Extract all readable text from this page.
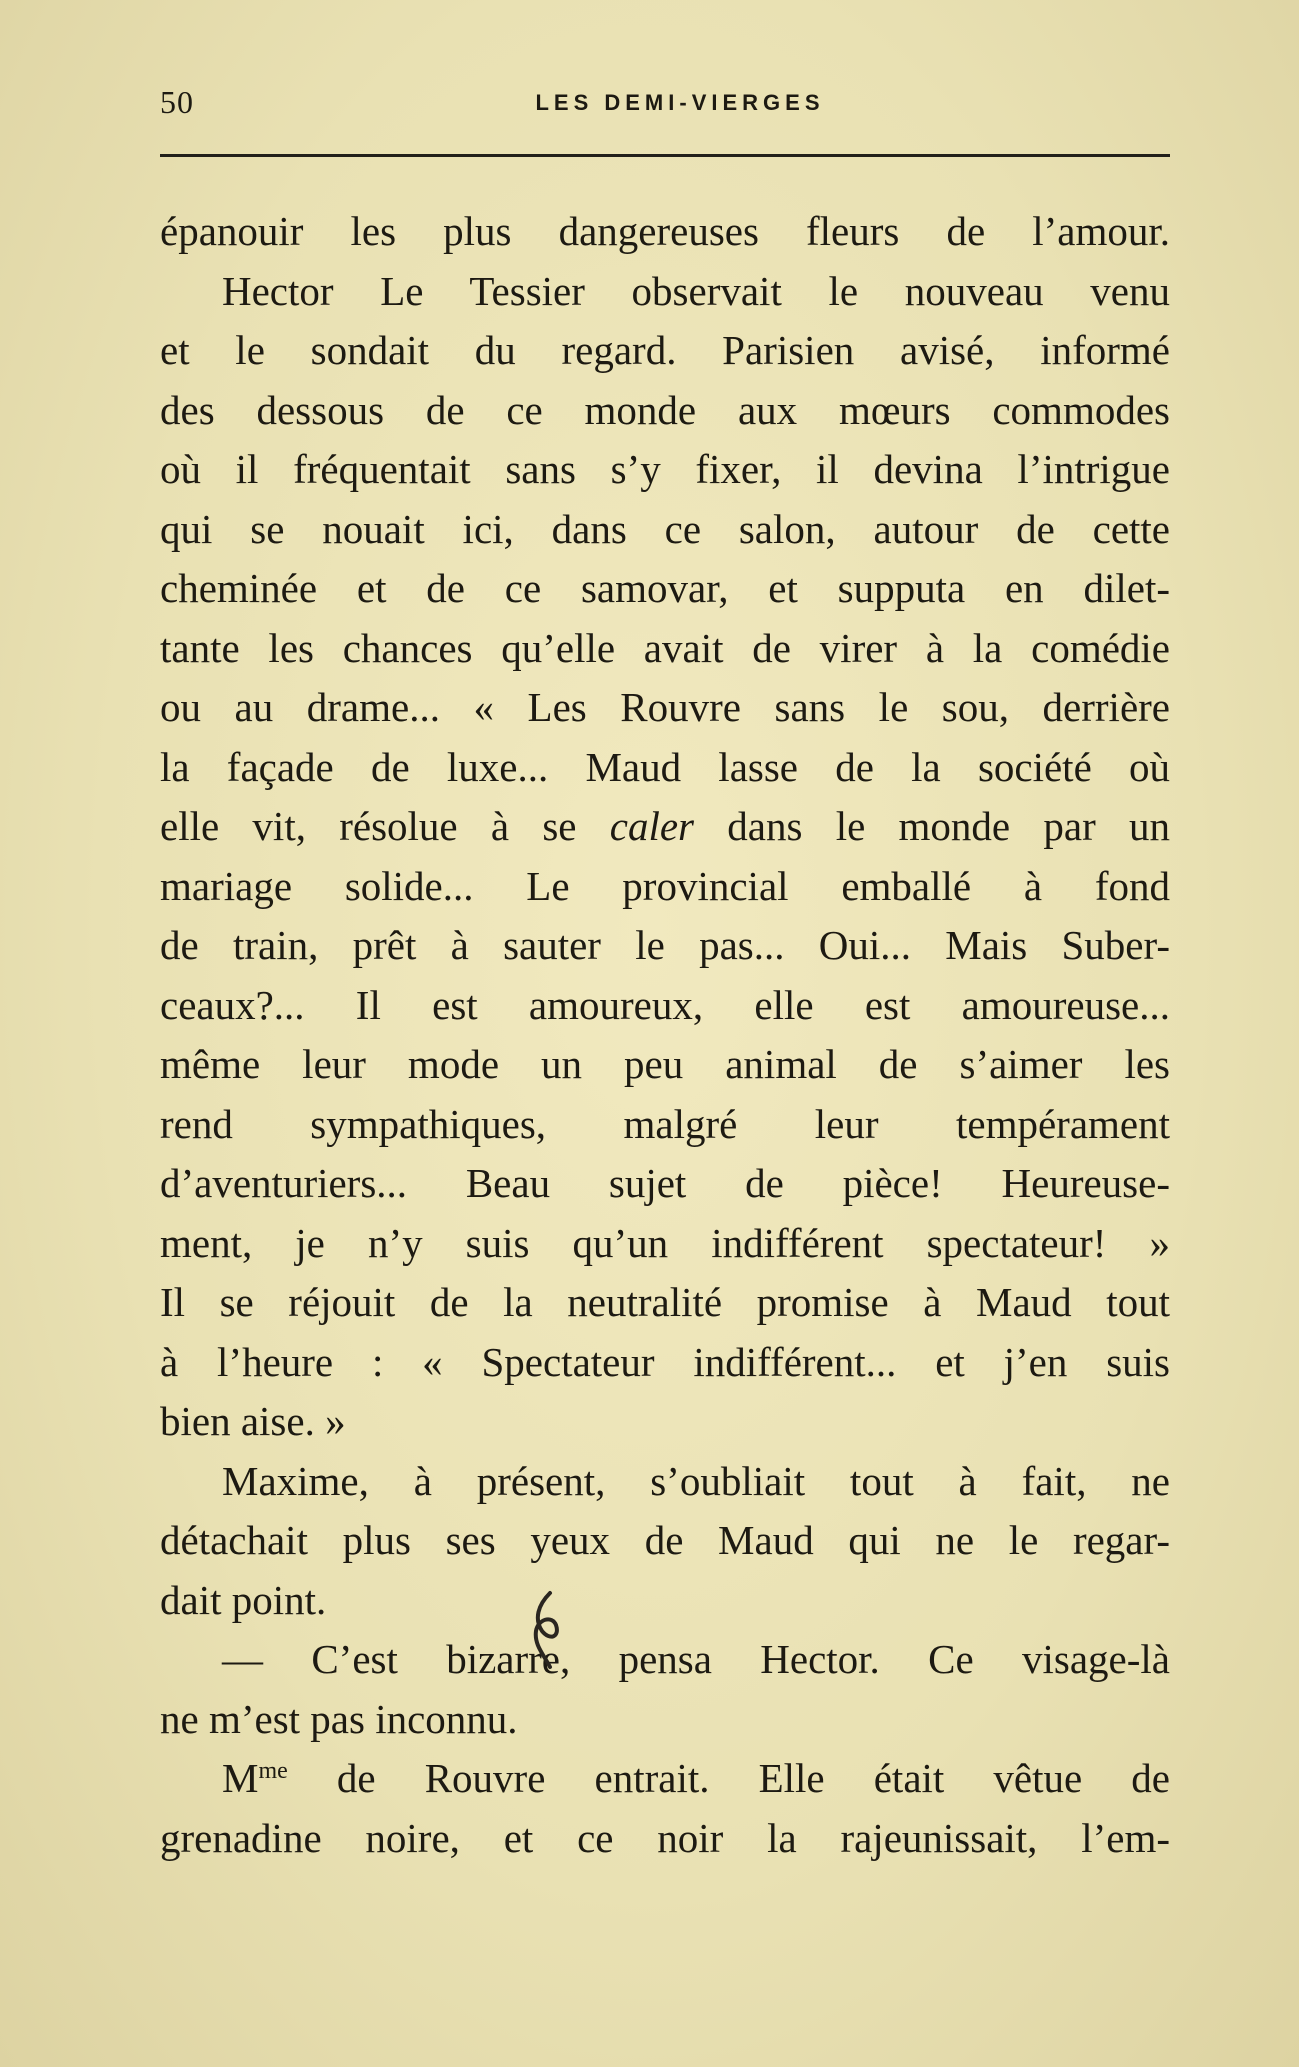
50	LES DEMI-VIERGES
épanouir les plus dangereuses fleurs de l’amour.
Hector Le Tessier observait le nouveau venu
et le sondait du regard. Parisien avisé, informé
des dessous de ce monde aux mœurs commodes
où il fréquentait sans s’y fixer, il devina l’intrigue
qui se nouait ici, dans ce salon, autour de cette
cheminée et de ce samovar, et supputa en dilet-
tante les chances qu’elle avait de virer à la comédie
ou au drame... « Les Rouvre sans le sou, derrière
la façade de luxe... Maud lasse de la société où
elle vit, résolue à se caler dans le monde par un
mariage solide... Le provincial emballé à fond
de train, prêt à sauter le pas... Oui... Mais Suber-
ceaux?... Il est amoureux, elle est amoureuse...
même leur mode un peu animal de s’aimer les
rend sympathiques, malgré leur tempérament
d’aventuriers... Beau sujet de pièce! Heureuse-
ment, je n’y suis qu’un indifférent spectateur! »
Il se réjouit de la neutralité promise à Maud tout
à l’heure : « Spectateur indifférent... et j’en suis
bien aise. »
Maxime, à présent, s’oubliait tout à fait, ne
détachait plus ses yeux de Maud qui ne le regar-
dait point.
— C’est bizarre, pensa Hector. Ce visage-là
ne m’est pas inconnu.
$M^{me}$ de Rouvre entrait. Elle était vêtue de
grenadine noire, et ce noir la rajeunissait, l’em-
